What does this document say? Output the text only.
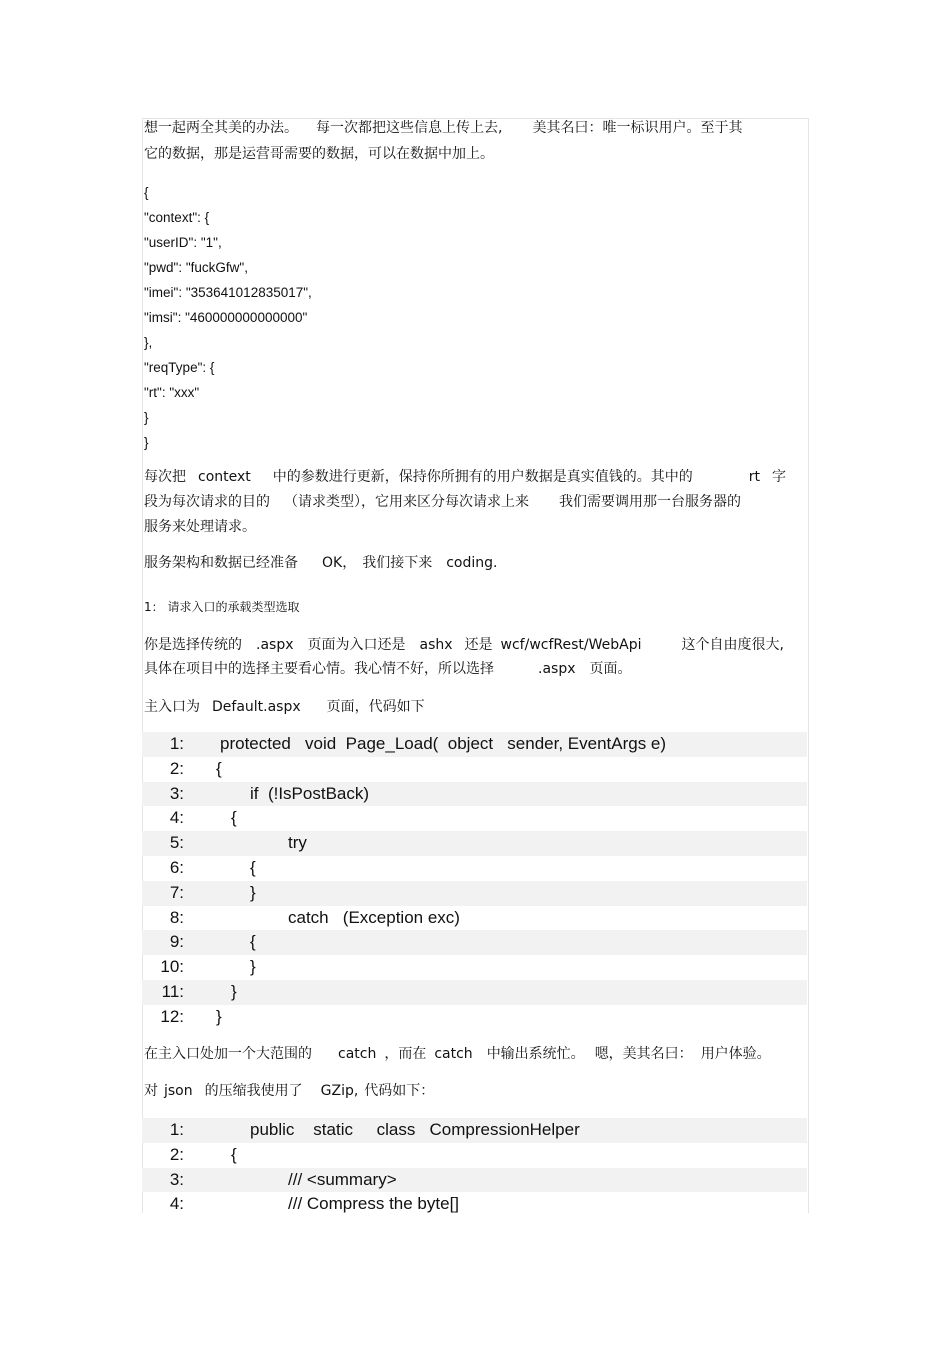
想一起两全其美的办法。 每一次都把这些信息上传上去, 美其名曰：唯一标识用户。至于其
它的数据，那是运营哥需要的数据，可以在数据中加上。
{
"context": {
"userID": "1",
"pwd": "fuckGfw",
"imei": "353641012835017",
"imsi": "460000000000000"
},
"reqType": {
"rt": "xxx"
}
}
每次把 context 中的参数进行更新，保持你所拥有的用户数据是真实值钱的。其中的	rt 字
段为每次请求的目的 （请求类型），它用来区分每次请求上来 我们需要调用那一台服务器的
服务来处理请求。
服务架构和数据已经准备 OK， 我们接下来 coding.
1： 请求入口的承载类型选取
你是选择传统的 .aspx 页面为入口还是 ashx 还是 wcf/wcfRest/WebApi	这个自由度很大,
具体在项目中的选择主要看心情。我心情不好，所以选择	.aspx 页面。
主入口为 Default.aspx 页面，代码如下
1: protected   void  Page_Load(  object   sender, EventArgs e)
2: {
3:	if  (!IsPostBack)
4:	{
5:	try
6:	{
7:	}
8:	catch   (Exception exc)
9:	{
10:	}
11:	}
12: }
在主入口处加一个大范围的 catch ，而在 catch 中输出系统忙。 嗯，美其名曰： 用户体验。
对 json 的压缩我使用了 GZip, 代码如下：
1:	public    static     class   CompressionHelper
2:	{
3:	/// <summary>
4:	/// Compress the byte[]
